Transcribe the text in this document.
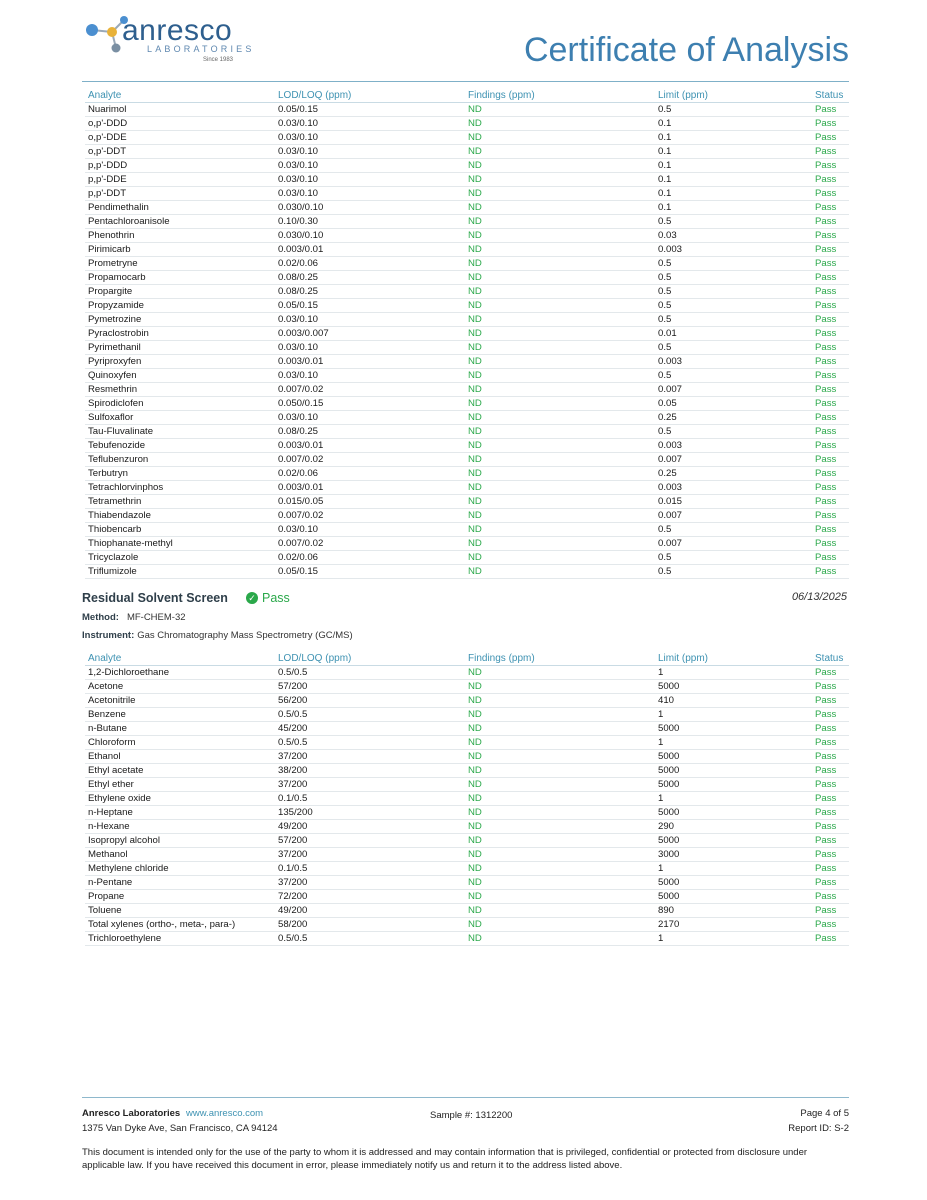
anresco
LABORATORIES
Since 1983	Certificate of Analysis
Analyte	LOD/LOQ (ppm)	Findings (ppm)	Limit (ppm)	Status
Nuarimol	0.05/0.15	ND	0.5	Pass
o,p'-DDD	0.03/0.10	ND	0.1	Pass
o,p'-DDE	0.03/0.10	ND	0.1	Pass
o,p'-DDT	0.03/0.10	ND	0.1	Pass
p,p'-DDD	0.03/0.10	ND	0.1	Pass
p,p'-DDE	0.03/0.10	ND	0.1	Pass
p,p'-DDT	0.03/0.10	ND	0.1	Pass
Pendimethalin	0.030/0.10	ND	0.1	Pass
Pentachloroanisole	0.10/0.30	ND	0.5	Pass
Phenothrin	0.030/0.10	ND	0.03	Pass
Pirimicarb	0.003/0.01	ND	0.003	Pass
Prometryne	0.02/0.06	ND	0.5	Pass
Propamocarb	0.08/0.25	ND	0.5	Pass
Propargite	0.08/0.25	ND	0.5	Pass
Propyzamide	0.05/0.15	ND	0.5	Pass
Pymetrozine	0.03/0.10	ND	0.5	Pass
Pyraclostrobin	0.003/0.007	ND	0.01	Pass
Pyrimethanil	0.03/0.10	ND	0.5	Pass
Pyriproxyfen	0.003/0.01	ND	0.003	Pass
Quinoxyfen	0.03/0.10	ND	0.5	Pass
Resmethrin	0.007/0.02	ND	0.007	Pass
Spirodiclofen	0.050/0.15	ND	0.05	Pass
Sulfoxaflor	0.03/0.10	ND	0.25	Pass
Tau-Fluvalinate	0.08/0.25	ND	0.5	Pass
Tebufenozide	0.003/0.01	ND	0.003	Pass
Teflubenzuron	0.007/0.02	ND	0.007	Pass
Terbutryn	0.02/0.06	ND	0.25	Pass
Tetrachlorvinphos	0.003/0.01	ND	0.003	Pass
Tetramethrin	0.015/0.05	ND	0.015	Pass
Thiabendazole	0.007/0.02	ND	0.007	Pass
Thiobencarb	0.03/0.10	ND	0.5	Pass
Thiophanate-methyl	0.007/0.02	ND	0.007	Pass
Tricyclazole	0.02/0.06	ND	0.5	Pass
Triflumizole	0.05/0.15	ND	0.5	Pass
Residual Solvent Screen ✓ Pass	06/13/2025
Method: MF-CHEM-32
Instrument: Gas Chromatography Mass Spectrometry (GC/MS)
Analyte	LOD/LOQ (ppm)	Findings (ppm)	Limit (ppm)	Status
1,2-Dichloroethane	0.5/0.5	ND	1	Pass
Acetone	57/200	ND	5000	Pass
Acetonitrile	56/200	ND	410	Pass
Benzene	0.5/0.5	ND	1	Pass
n-Butane	45/200	ND	5000	Pass
Chloroform	0.5/0.5	ND	1	Pass
Ethanol	37/200	ND	5000	Pass
Ethyl acetate	38/200	ND	5000	Pass
Ethyl ether	37/200	ND	5000	Pass
Ethylene oxide	0.1/0.5	ND	1	Pass
n-Heptane	135/200	ND	5000	Pass
n-Hexane	49/200	ND	290	Pass
Isopropyl alcohol	57/200	ND	5000	Pass
Methanol	37/200	ND	3000	Pass
Methylene chloride	0.1/0.5	ND	1	Pass
n-Pentane	37/200	ND	5000	Pass
Propane	72/200	ND	5000	Pass
Toluene	49/200	ND	890	Pass
Total xylenes (ortho-, meta-, para-)	58/200	ND	2170	Pass
Trichloroethylene	0.5/0.5	ND	1	Pass
Anresco Laboratories www.anresco.com
1375 Van Dyke Ave, San Francisco, CA 94124
Sample #: 1312200	Page 4 of 5
Report ID: S-2
This document is intended only for the use of the party to whom it is addressed and may contain information that is privileged, confidential or protected from disclosure under applicable law. If you have received this document in error, please immediately notify us and return it to the address listed above.
